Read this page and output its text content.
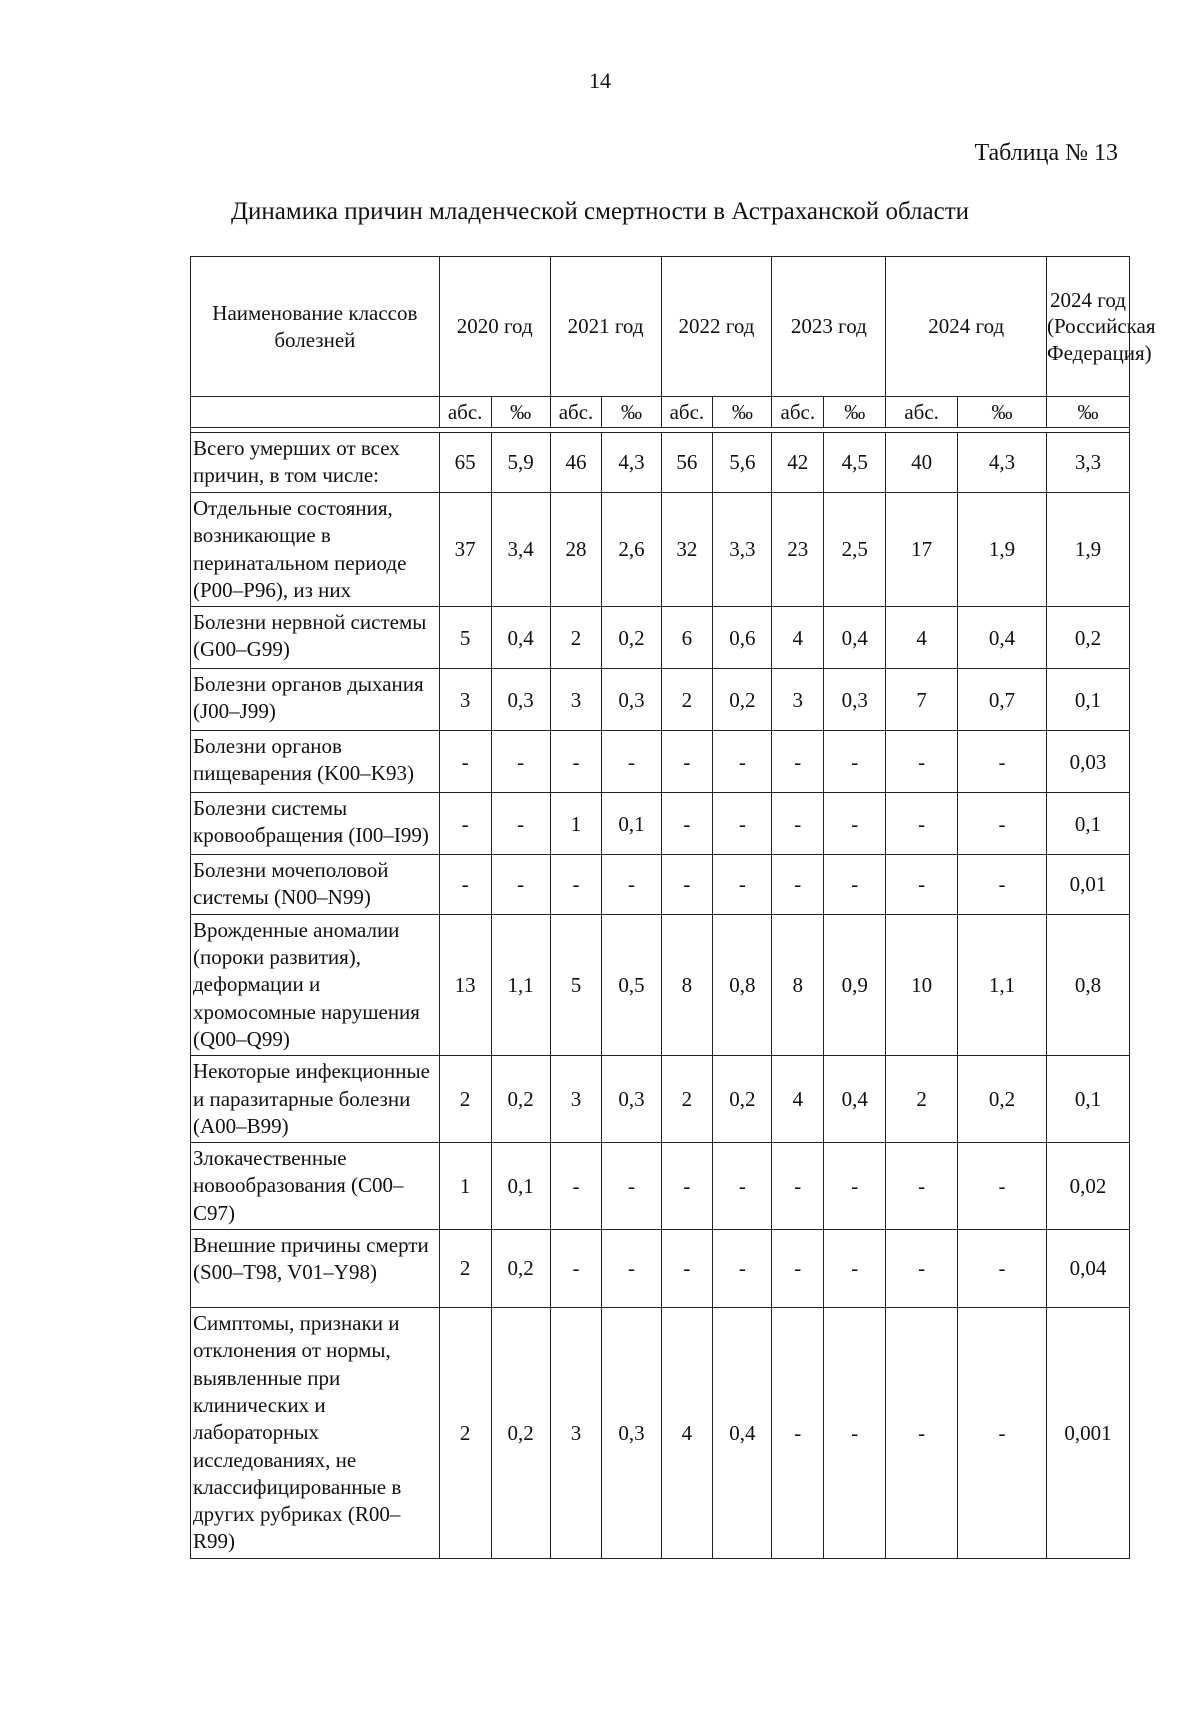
14
Таблица № 13
Динамика причин младенческой смертности в Астраханской области
Наименование классов болезней	2020 год		2021 год		2022 год		2023 год		2024 год		2024 год (Российская Федерация)
	абс.	‰	абс.	‰	абс.	‰	абс.	‰	абс.	‰	‰

Всего умерших от всех причин, в том числе:	65	5,9	46	4,3	56	5,6	42	4,5	40	4,3	3,3
Отдельные состояния, возникающие в перинатальном периоде (P00–P96), из них	37	3,4	28	2,6	32	3,3	23	2,5	17	1,9	1,9
Болезни нервной системы (G00–G99)	5	0,4	2	0,2	6	0,6	4	0,4	4	0,4	0,2
Болезни органов дыхания (J00–J99)	3	0,3	3	0,3	2	0,2	3	0,3	7	0,7	0,1
Болезни органов пищеварения (K00–K93)	-	-	-	-	-	-	-	-	-	-	0,03
Болезни системы кровообращения (I00–I99)	-	-	1	0,1	-	-	-	-	-	-	0,1
Болезни мочеполовой системы (N00–N99)	-	-	-	-	-	-	-	-	-	-	0,01
Врожденные аномалии (пороки развития), деформации и хромосомные нарушения (Q00–Q99)	13	1,1	5	0,5	8	0,8	8	0,9	10	1,1	0,8
Некоторые инфекционные и паразитарные болезни (A00–B99)	2	0,2	3	0,3	2	0,2	4	0,4	2	0,2	0,1
Злокачественные новообразования (C00–C97)	1	0,1	-	-	-	-	-	-	-	-	0,02
Внешние причины смерти (S00–T98, V01–Y98)	2	0,2	-	-	-	-	-	-	-	-	0,04
Симптомы, признаки и отклонения от нормы, выявленные при клинических и лабораторных исследованиях, не классифицированные в других рубриках (R00–R99)	2	0,2	3	0,3	4	0,4	-	-	-	-	0,001
